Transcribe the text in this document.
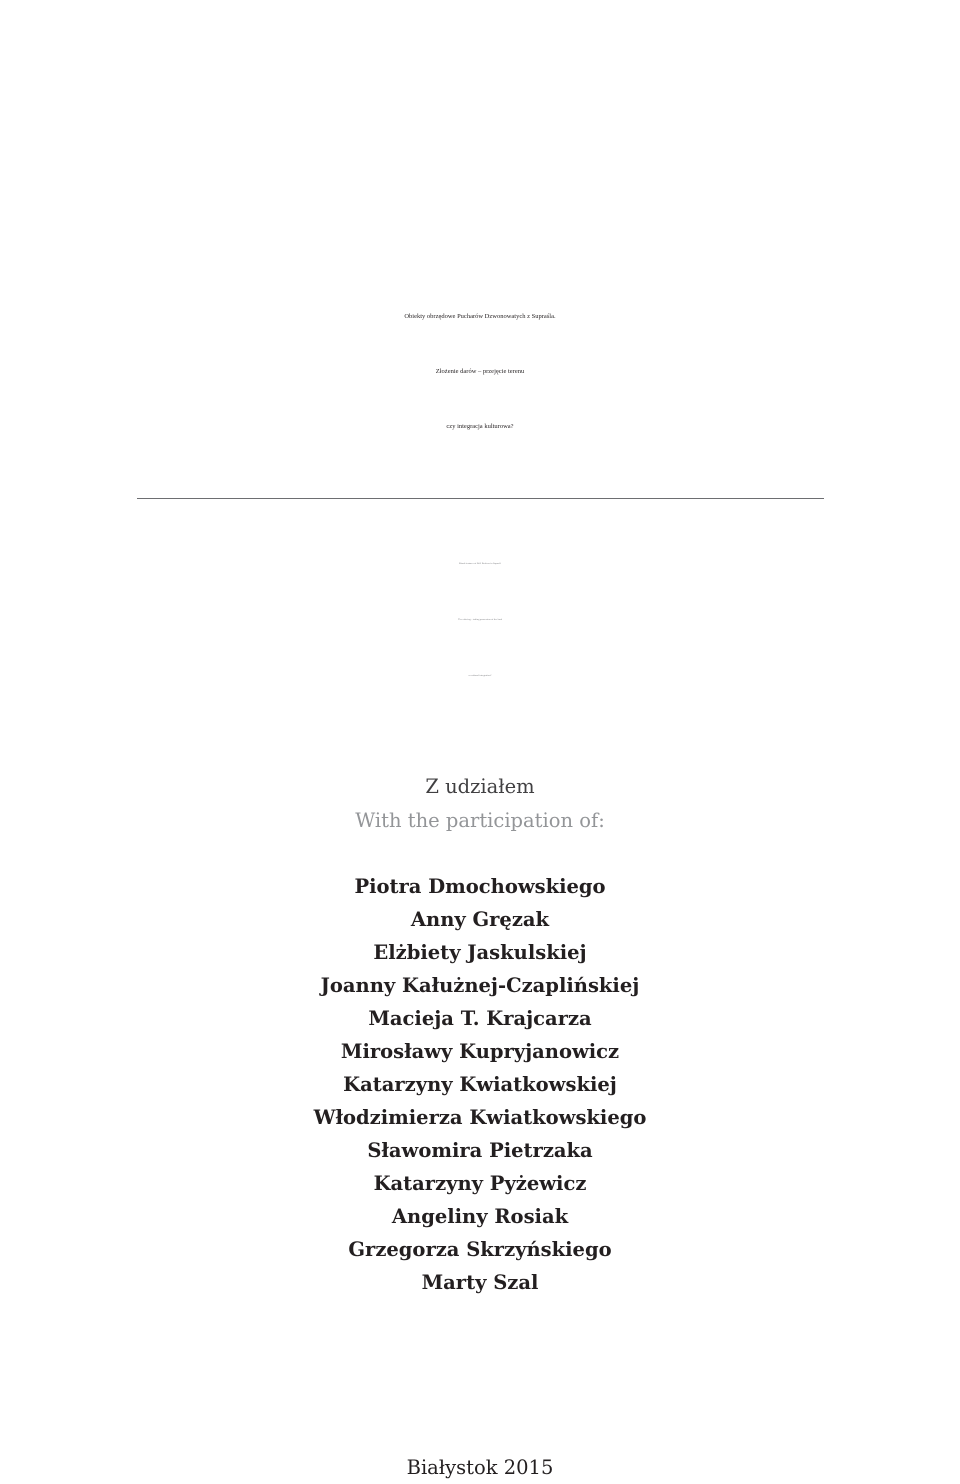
Obiekty obrzędowe Pucharów Dzwonowatych z Supraśla.
Złożenie darów – przejęcie terenu
czy integracja kulturowa?
Ritual features of Bell Beakers in Supraśl.
The offering – taking possession of the land
or cultural integration?
Z udziałem
With the participation of:
Piotra Dmochowskiego
Anny Gręzak
Elżbiety Jaskulskiej
Joanny Kałużnej-Czaplińskiej
Macieja T. Krajcarza
Mirosławy Kupryjanowicz
Katarzyny Kwiatkowskiej
Włodzimierza Kwiatkowskiego
Sławomira Pietrzaka
Katarzyny Pyżewicz
Angeliny Rosiak
Grzegorza Skrzyńskiego
Marty Szal
Białystok 2015
